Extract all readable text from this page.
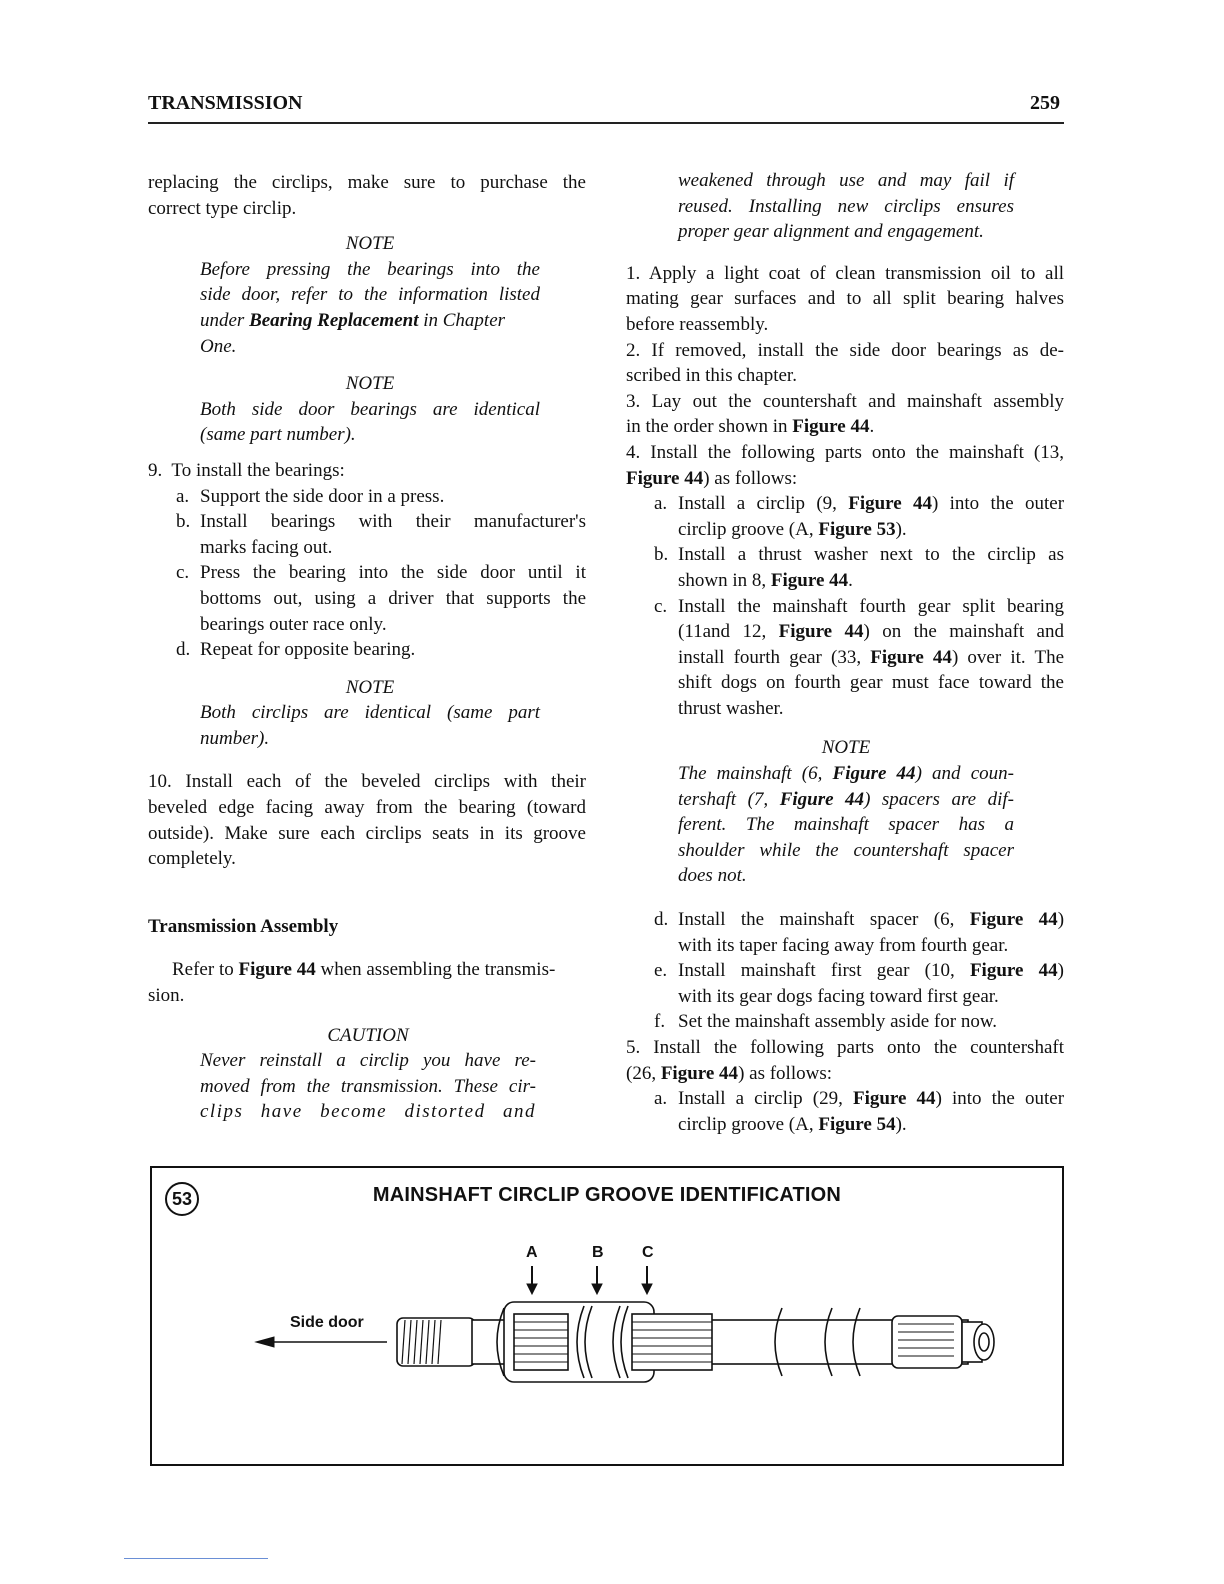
TRANSMISSION	259

replacing the circlips, make sure to purchase the

correct type circlip.

NOTE

Before pressing the bearings into the

side door, refer to the information listed

under Bearing Replacement in Chapter

One.

NOTE

Both side door bearings are identical

(same part number).

9. To install the bearings:

a. Support the side door in a press.

b. Install bearings with their manufacturer's

marks facing out.

c. Press the bearing into the side door until it

bottoms out, using a driver that supports the

bearings outer race only.

d. Repeat for opposite bearing.

NOTE

Both circlips are identical (same part

number).

10. Install each of the beveled circlips with their

beveled edge facing away from the bearing (toward

outside). Make sure each circlips seats in its groove

completely.

Transmission Assembly

Refer to Figure 44 when assembling the transmis-

sion.

CAUTION

Never reinstall a circlip you have re-

moved from the transmission. These cir-

clips have become distorted and

weakened through use and may fail if

reused. Installing new circlips ensures

proper gear alignment and engagement.

1. Apply a light coat of clean transmission oil to all

mating gear surfaces and to all split bearing halves

before reassembly.

2. If removed, install the side door bearings as de-

scribed in this chapter.

3. Lay out the countershaft and mainshaft assembly

in the order shown in Figure 44.

4. Install the following parts onto the mainshaft (13,

Figure 44) as follows:

a. Install a circlip (9, Figure 44) into the outer

circlip groove (A, Figure 53).

b. Install a thrust washer next to the circlip as

shown in 8, Figure 44.

c. Install the mainshaft fourth gear split bearing

(11and 12, Figure 44) on the mainshaft and

install fourth gear (33, Figure 44) over it. The

shift dogs on fourth gear must face toward the

thrust washer.

NOTE

The mainshaft (6, Figure 44) and coun-

tershaft (7, Figure 44) spacers are dif-

ferent. The mainshaft spacer has a

shoulder while the countershaft spacer

does not.

d. Install the mainshaft spacer (6, Figure 44)

with its taper facing away from fourth gear.

e. Install mainshaft first gear (10, Figure 44)

with its gear dogs facing toward first gear.

f. Set the mainshaft assembly aside for now.

5. Install the following parts onto the countershaft

(26, Figure 44) as follows:

a. Install a circlip (29, Figure 44) into the outer

circlip groove (A, Figure 54).

53	MAINSHAFT CIRCLIP GROOVE IDENTIFICATION
A	B C
Side door
